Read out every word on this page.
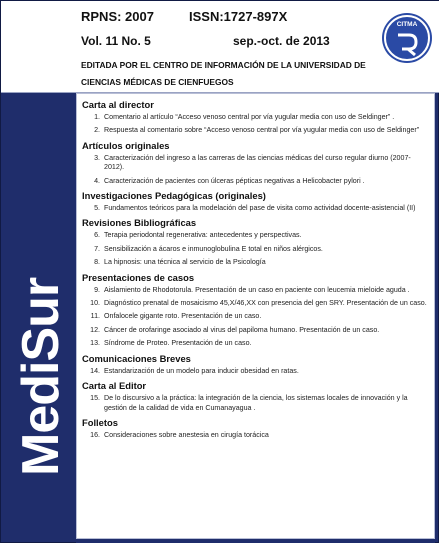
RPNS: 2007	ISSN:1727-897X
Vol. 11 No. 5	sep.-oct. de 2013
EDITADA POR EL CENTRO DE INFORMACIÓN DE LA UNIVERSIDAD DE CIENCIAS MÉDICAS DE CIENFUEGOS
CITMA
MediSur
Carta al director
1. Comentario al artículo “Acceso venoso central por vía yugular media con uso de Seldinger” .
2. Respuesta al comentario sobre “Acceso venoso central por vía yugular media con uso de Seldinger”
Artículos originales
3. Caracterización del ingreso a las carreras de las ciencias médicas del curso regular diurno (2007-2012).
4. Caracterización de pacientes con úlceras pépticas negativas a Helicobacter pylori .
Investigaciones Pedagógicas (originales)
5. Fundamentos teóricos para la modelación del pase de visita como actividad docente-asistencial (II)
Revisiones Bibliográficas
6. Terapia periodontal regenerativa: antecedentes y perspectivas.
7. Sensibilización a ácaros e inmunoglobulina E total en niños alérgicos.
8. La hipnosis: una técnica al servicio de la Psicología
Presentaciones de casos
9. Aislamiento de Rhodotorula. Presentación de un caso en paciente con leucemia mieloide aguda .
10. Diagnóstico prenatal de mosaicismo 45,X/46,XX con presencia del gen SRY. Presentación de un caso.
11. Onfalocele gigante roto. Presentación de un caso.
12. Cáncer de orofaringe asociado al virus del papiloma humano. Presentación de un caso.
13. Síndrome de Proteo. Presentación de un caso.
Comunicaciones Breves
14. Estandarización de un modelo para inducir obesidad en ratas.
Carta al Editor
15. De lo discursivo a la práctica: la integración de la ciencia, los sistemas locales de innovación y la gestión de la calidad de vida en Cumanayagua .
Folletos
16. Consideraciones sobre anestesia en cirugía torácica
